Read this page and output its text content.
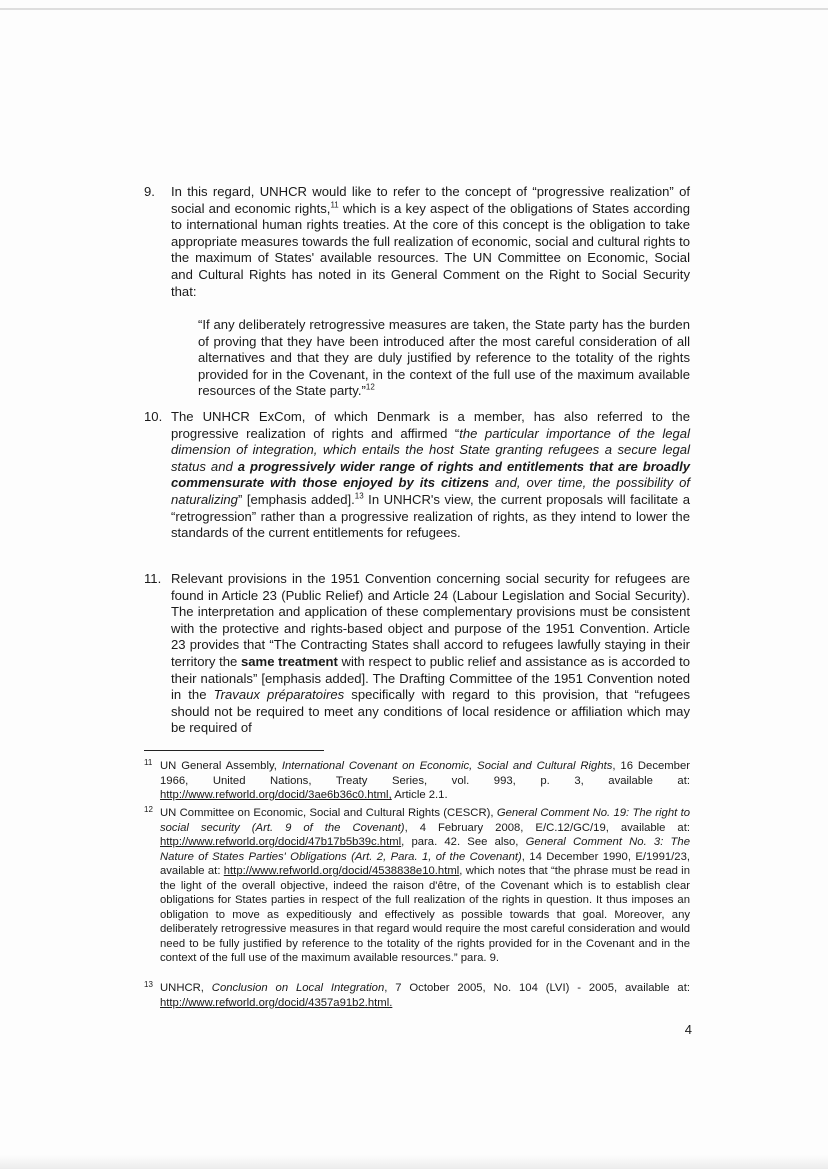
9. In this regard, UNHCR would like to refer to the concept of “progressive realization” of social and economic rights,$^{11}$ which is a key aspect of the obligations of States according to international human rights treaties. At the core of this concept is the obligation to take appropriate measures towards the full realization of economic, social and cultural rights to the maximum of States' available resources. The UN Committee on Economic, Social and Cultural Rights has noted in its General Comment on the Right to Social Security that:
“If any deliberately retrogressive measures are taken, the State party has the burden of proving that they have been introduced after the most careful consideration of all alternatives and that they are duly justified by reference to the totality of the rights provided for in the Covenant, in the context of the full use of the maximum available resources of the State party.”$^{12}$
10. The UNHCR ExCom, of which Denmark is a member, has also referred to the progressive realization of rights and affirmed “the particular importance of the legal dimension of integration, which entails the host State granting refugees a secure legal status and a progressively wider range of rights and entitlements that are broadly commensurate with those enjoyed by its citizens and, over time, the possibility of naturalizing” [emphasis added].$^{13}$ In UNHCR's view, the current proposals will facilitate a “retrogression” rather than a progressive realization of rights, as they intend to lower the standards of the current entitlements for refugees.
11. Relevant provisions in the 1951 Convention concerning social security for refugees are found in Article 23 (Public Relief) and Article 24 (Labour Legislation and Social Security). The interpretation and application of these complementary provisions must be consistent with the protective and rights-based object and purpose of the 1951 Convention. Article 23 provides that “The Contracting States shall accord to refugees lawfully staying in their territory the same treatment with respect to public relief and assistance as is accorded to their nationals” [emphasis added]. The Drafting Committee of the 1951 Convention noted in the Travaux préparatoires specifically with regard to this provision, that “refugees should not be required to meet any conditions of local residence or affiliation which may be required of
11 UN General Assembly, International Covenant on Economic, Social and Cultural Rights, 16 December 1966, United Nations, Treaty Series, vol. 993, p. 3, available at: http://www.refworld.org/docid/3ae6b36c0.html, Article 2.1.
12 UN Committee on Economic, Social and Cultural Rights (CESCR), General Comment No. 19: The right to social security (Art. 9 of the Covenant), 4 February 2008, E/C.12/GC/19, available at: http://www.refworld.org/docid/47b17b5b39c.html, para. 42. See also, General Comment No. 3: The Nature of States Parties' Obligations (Art. 2, Para. 1, of the Covenant), 14 December 1990, E/1991/23, available at: http://www.refworld.org/docid/4538838e10.html, which notes that “the phrase must be read in the light of the overall objective, indeed the raison d'être, of the Covenant which is to establish clear obligations for States parties in respect of the full realization of the rights in question. It thus imposes an obligation to move as expeditiously and effectively as possible towards that goal. Moreover, any deliberately retrogressive measures in that regard would require the most careful consideration and would need to be fully justified by reference to the totality of the rights provided for in the Covenant and in the context of the full use of the maximum available resources.” para. 9.
13 UNHCR, Conclusion on Local Integration, 7 October 2005, No. 104 (LVI) - 2005, available at: http://www.refworld.org/docid/4357a91b2.html.
4
